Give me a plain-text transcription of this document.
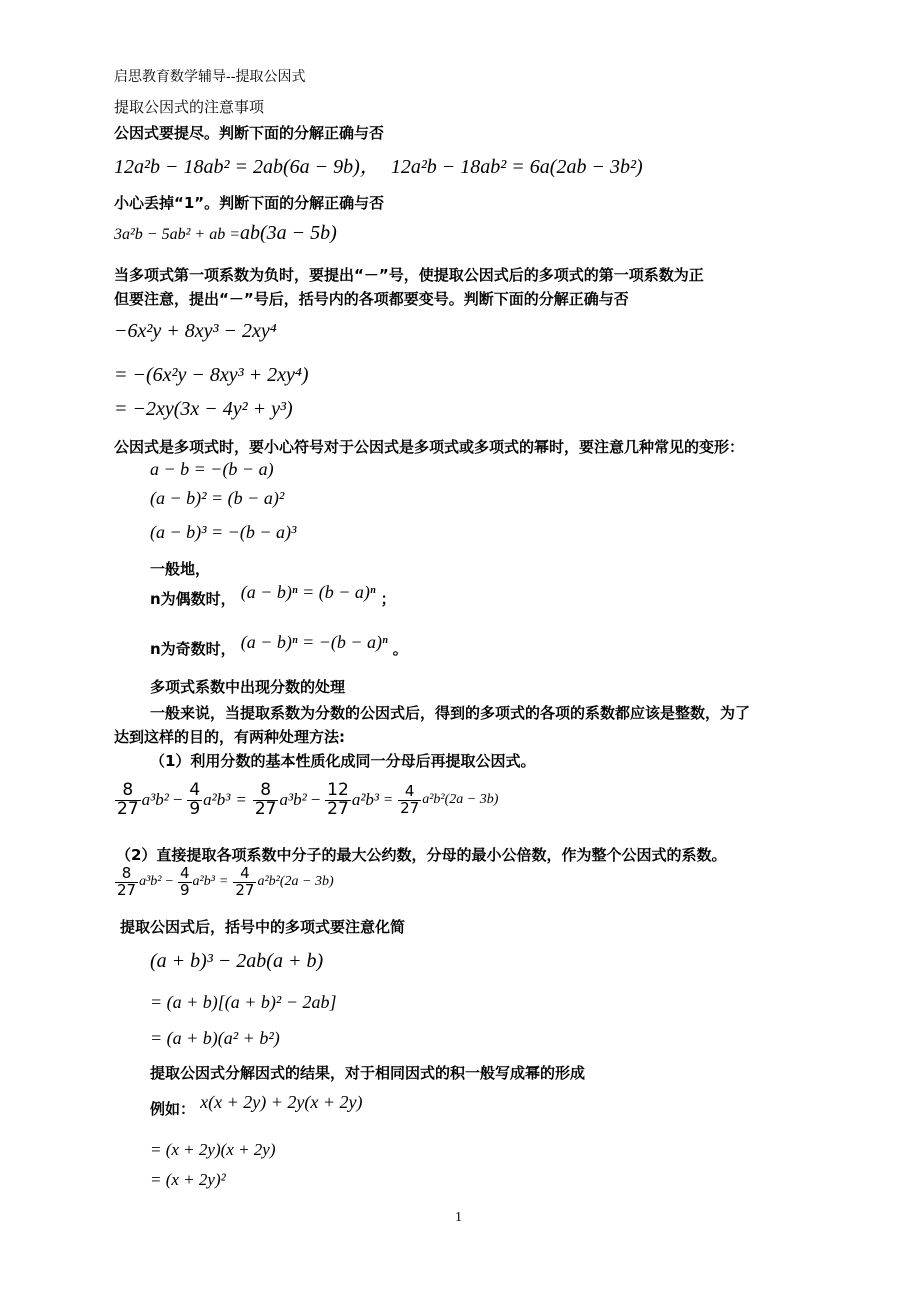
启思教育数学辅导--提取公因式
提取公因式的注意事项
公因式要提尽。判断下面的分解正确与否
12a²b − 18ab² = 2ab(6a − 9b)， 12a²b − 18ab² = 6a(2ab − 3b²)
小心丢掉“1”。判断下面的分解正确与否
3a²b − 5ab² + ab =ab(3a − 5b)
当多项式第一项系数为负时，要提出“－”号，使提取公因式后的多项式的第一项系数为正
但要注意，提出“－”号后，括号内的各项都要变号。判断下面的分解正确与否
−6x²y + 8xy³ − 2xy⁴
= −(6x²y − 8xy³ + 2xy⁴)
= −2xy(3x − 4y² + y³)
公因式是多项式时，要小心符号对于公因式是多项式或多项式的幂时，要注意几种常见的变形：
a − b = −(b − a)
(a − b)² = (b − a)²
(a − b)³ = −(b − a)³
一般地，
n为偶数时， (a − b)ⁿ = (b − a)ⁿ ；
n为奇数时， (a − b)ⁿ = −(b − a)ⁿ 。
多项式系数中出现分数的处理
一般来说，当提取系数为分数的公因式后，得到的多项式的各项的系数都应该是整数，为了
达到这样的目的，有两种处理方法:
（1）利用分数的基本性质化成同一分母后再提取公因式。
$\frac{8}{27} a^3b^2 - \frac{4}{9} a^2b^3 = \frac{8}{27} a^3b^2 - \frac{12}{27} a^2b^3 = \frac{4}{27} a^2b^2$ (2a − 3b)
（2）直接提取各项系数中分子的最大公约数，分母的最小公倍数，作为整个公因式的系数。
$\frac{8}{27} a^3b^2 - \frac{4}{9} a^2b^3 = \frac{4}{27} a^2b^2$ (2a − 3b)
提取公因式后，括号中的多项式要注意化简
(a + b)³ − 2ab(a + b)
= (a + b)[(a + b)² − 2ab]
= (a + b)(a² + b²)
提取公因式分解因式的结果，对于相同因式的积一般写成幂的形成
例如： x(x + 2y) + 2y(x + 2y)
= (x + 2y)(x + 2y)
= (x + 2y)²
1
